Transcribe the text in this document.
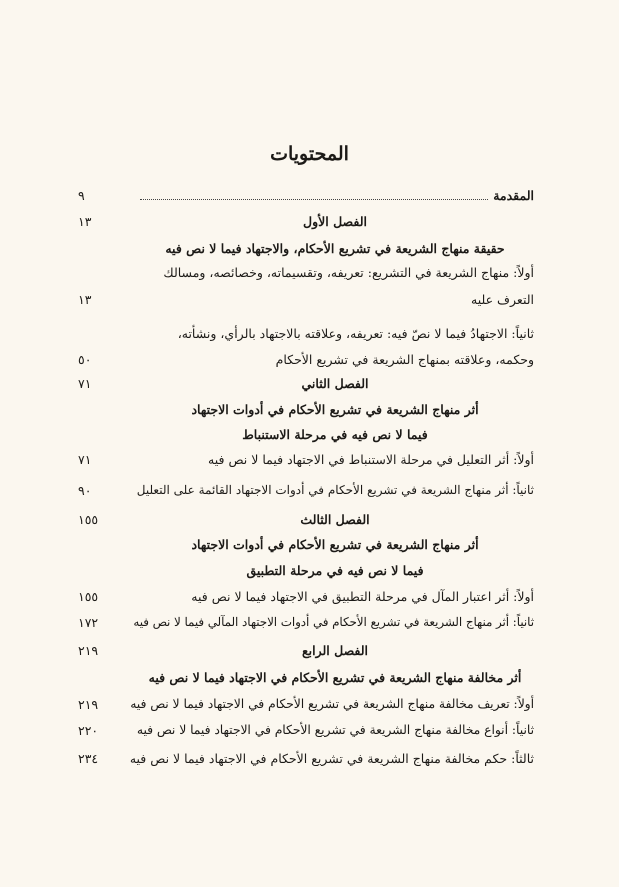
المحتويات
المقدمة
٩
الفصل الأول
١٣
حقيقة منهاج الشريعة في تشريع الأحكام، والاجتهاد فيما لا نص فيه
أولاً: منهاج الشريعة في التشريع: تعريفه، وتقسيماته، وخصائصه، ومسالك
التعرف عليه
١٣
ثانياً: الاجتهادُ فيما لا نصّ فيه: تعريفه، وعلاقته بالاجتهاد بالرأي، ونشأته،
وحكمه، وعلاقته بمنهاج الشريعة في تشريع الأحكام
٥٠
الفصل الثاني
٧١
أثر منهاج الشريعة في تشريع الأحكام في أدوات الاجتهاد
فيما لا نص فيه في مرحلة الاستنباط
أولاً: أثر التعليل في مرحلة الاستنباط في الاجتهاد فيما لا نص فيه
٧١
ثانياً: أثر منهاج الشريعة في تشريع الأحكام في أدوات الاجتهاد القائمة على التعليل
٩٠
الفصل الثالث
١٥٥
أثر منهاج الشريعة في تشريع الأحكام في أدوات الاجتهاد
فيما لا نص فيه في مرحلة التطبيق
أولاً: أثر اعتبار المآل في مرحلة التطبيق في الاجتهاد فيما لا نص فيه
١٥٥
ثانياً: أثر منهاج الشريعة في تشريع الأحكام في أدوات الاجتهاد المآلي فيما لا نص فيه
١٧٢
الفصل الرابع
٢١٩
أثر مخالفة منهاج الشريعة في تشريع الأحكام في الاجتهاد فيما لا نص فيه
أولاً: تعريف مخالفة منهاج الشريعة في تشريع الأحكام في الاجتهاد فيما لا نص فيه
٢١٩
ثانياً: أنواع مخالفة منهاج الشريعة في تشريع الأحكام في الاجتهاد فيما لا نص فيه
٢٢٠
ثالثاً: حكم مخالفة منهاج الشريعة في تشريع الأحكام في الاجتهاد فيما لا نص فيه
٢٣٤
